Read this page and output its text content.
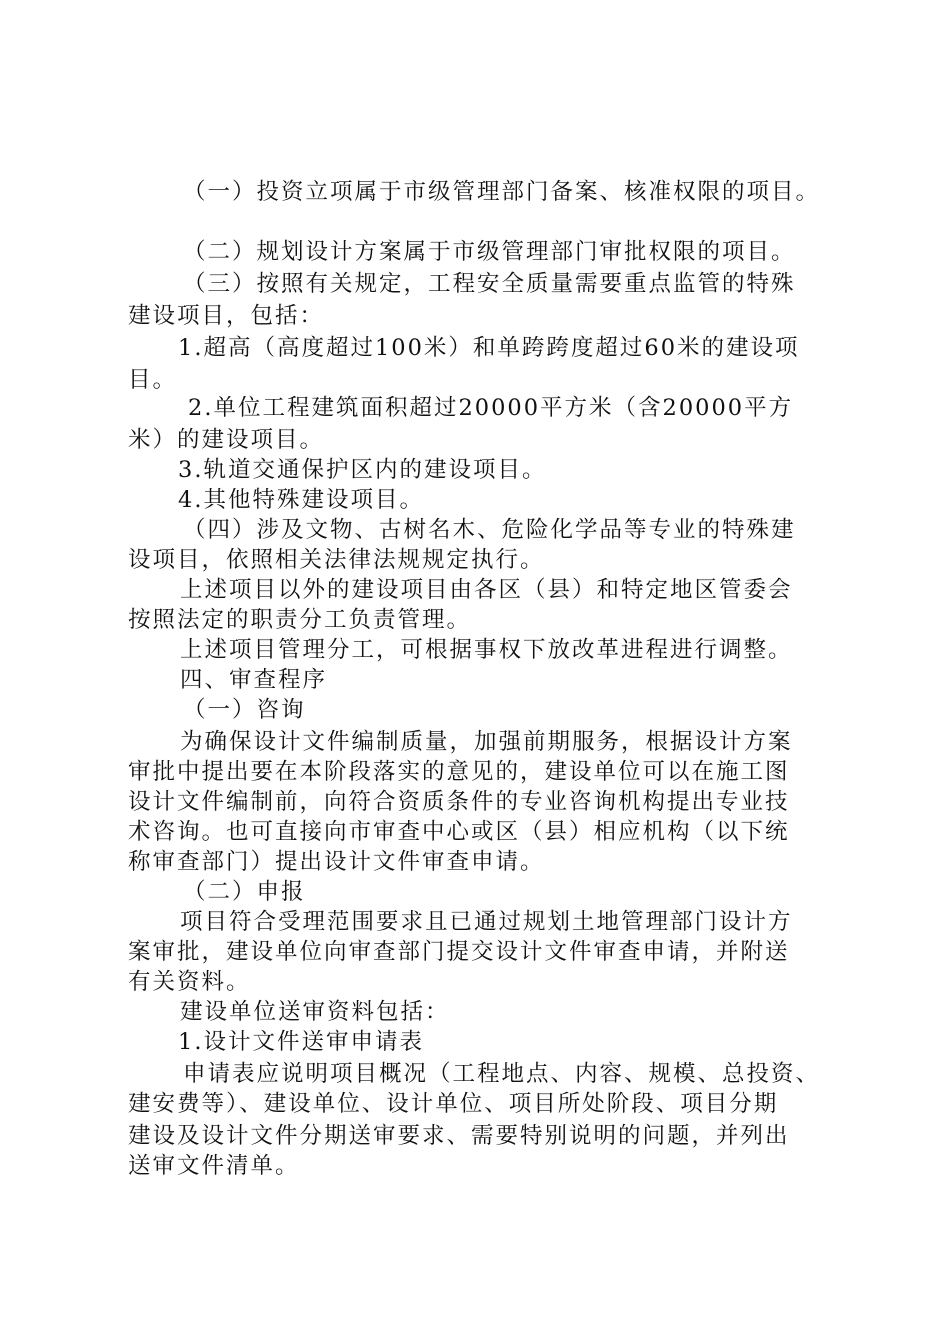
（一）投资立项属于市级管理部门备案、核准权限的项目。
（二）规划设计方案属于市级管理部门审批权限的项目。
（三）按照有关规定，工程安全质量需要重点监管的特殊
建设项目，包括：
1.超高（高度超过100米）和单跨跨度超过60米的建设项
目。
2.单位工程建筑面积超过20000平方米（含20000平方
米）的建设项目。
3.轨道交通保护区内的建设项目。
4.其他特殊建设项目。
（四）涉及文物、古树名木、危险化学品等专业的特殊建
设项目，依照相关法律法规规定执行。
上述项目以外的建设项目由各区（县）和特定地区管委会
按照法定的职责分工负责管理。
上述项目管理分工，可根据事权下放改革进程进行调整。
四、审查程序
（一）咨询
为确保设计文件编制质量，加强前期服务，根据设计方案
审批中提出要在本阶段落实的意见的，建设单位可以在施工图
设计文件编制前，向符合资质条件的专业咨询机构提出专业技
术咨询。也可直接向市审查中心或区（县）相应机构（以下统
称审查部门）提出设计文件审查申请。
（二）申报
项目符合受理范围要求且已通过规划土地管理部门设计方
案审批，建设单位向审查部门提交设计文件审查申请，并附送
有关资料。
建设单位送审资料包括：
1.设计文件送审申请表
申请表应说明项目概况（工程地点、内容、规模、总投资、
建安费等）、建设单位、设计单位、项目所处阶段、项目分期
建设及设计文件分期送审要求、需要特别说明的问题，并列出
送审文件清单。
